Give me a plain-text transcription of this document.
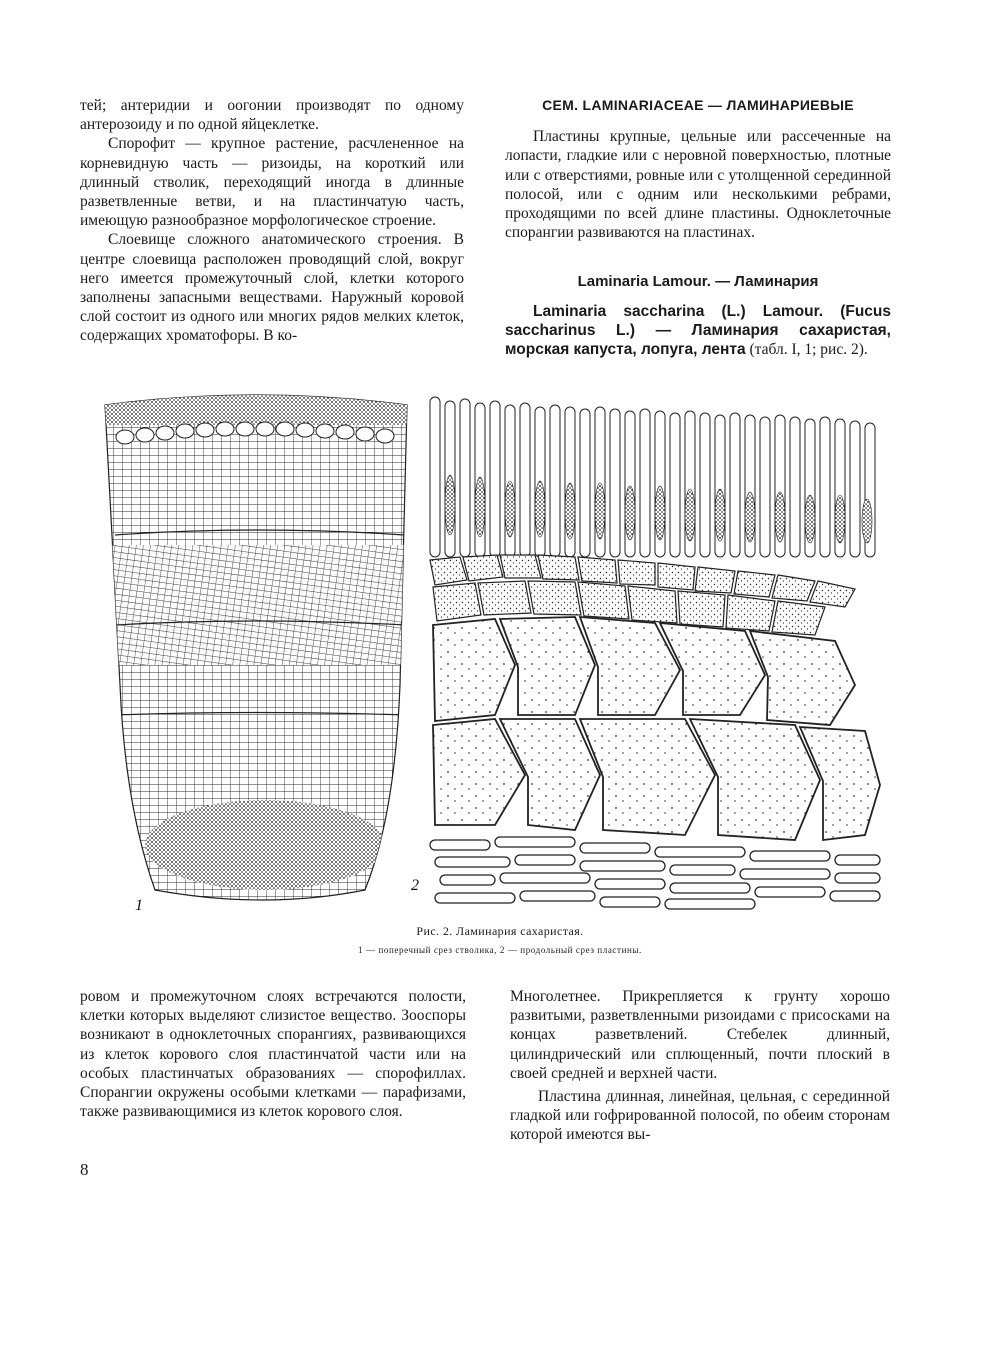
тей; антеридии и оогонии производят по одному антерозоиду и по одной яйцеклетке.

Спорофит — крупное растение, расчлененное на корневидную часть — ризоиды, на короткий или длинный стволик, переходящий иногда в длинные разветвленные ветви, и на пластинчатую часть, имеющую разнообразное морфологическое строение.

Слоевище сложного анатомического строения. В центре слоевища расположен проводящий слой, вокруг него имеется промежуточный слой, клетки которого заполнены запасными веществами. Наружный коровой слой состоит из одного или многих рядов мелких клеток, содержащих хроматофоры. В ко-

СЕМ. LAMINARIACEAE — ЛАМИНАРИЕВЫЕ

Пластины крупные, цельные или рассеченные на лопасти, гладкие или с неровной поверхностью, плотные или с отверстиями, ровные или с утолщенной серединной полосой, или с одним или несколькими ребрами, проходящими по всей длине пластины. Одноклеточные спорангии развиваются на пластинах.

Laminaria Lamour. — Ламинария

Laminaria saccharina (L.) Lamour. (Fucus saccharinus L.) — Ламинария сахаристая, морская капуста, лопуга, лента (табл. I, 1; рис. 2).

1
2
Рис. 2. Ламинария сахаристая.
1 — поперечный срез стволика, 2 — продольный срез пластины.

ровом и промежуточном слоях встречаются полости, клетки которых выделяют слизистое вещество. Зооспоры возникают в одноклеточных спорангиях, развивающихся из клеток корового слоя пластинчатой части или на особых пластинчатых образованиях — спорофиллах. Спорангии окружены особыми клетками — парафизами, также развивающимися из клеток корового слоя.

Многолетнее. Прикрепляется к грунту хорошо развитыми, разветвленными ризоидами с присосками на концах разветвлений. Стебелек длинный, цилиндрический или сплющенный, почти плоский в своей средней и верхней части.

Пластина длинная, линейная, цельная, с серединной гладкой или гофрированной полосой, по обеим сторонам которой имеются вы-

8
